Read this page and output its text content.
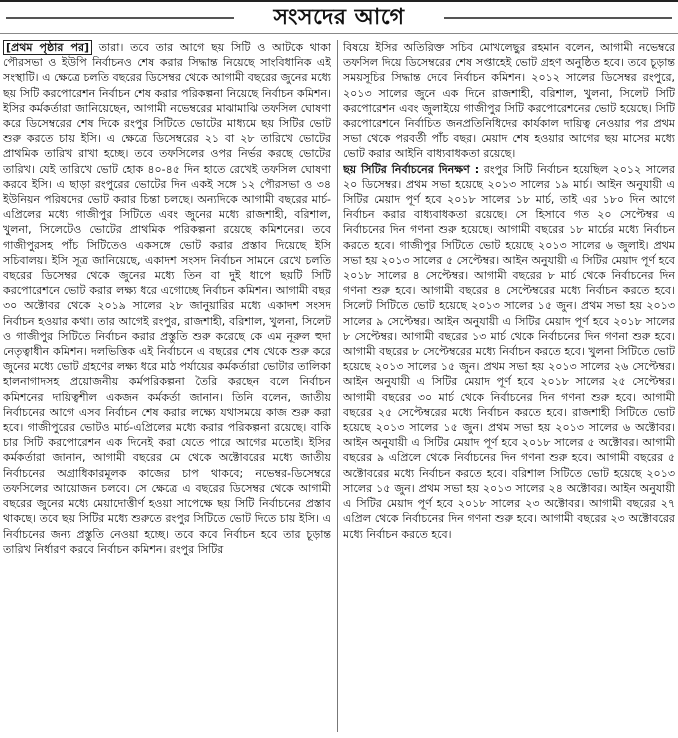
সংসদের আগে

[প্রথম পৃষ্ঠার পর] তারা। তবে তার আগে ছয় সিটি ও আটকে থাকা পৌরসভা ও ইউপি নির্বাচনও শেষ করার সিদ্ধান্ত নিয়েছে সাংবিধানিক এই সংস্থাটি। এ ক্ষেত্রে চলতি বছরের ডিসেম্বর থেকে আগামী বছরের জুনের মধ্যে ছয় সিটি করপোরেশন নির্বাচন শেষ করার পরিকল্পনা নিয়েছে নির্বাচন কমিশন। ইসির কর্মকর্তারা জানিয়েছেন, আগামী নভেম্বরের মাঝামাঝি তফসিল ঘোষণা করে ডিসেম্বরের শেষ দিকে রংপুর সিটিতে ভোটের মাধ্যমে ছয় সিটির ভোট শুরু করতে চায় ইসি। এ ক্ষেত্রে ডিসেম্বরের ২১ বা ২৮ তারিখে ভোটের প্রাথমিক তারিখ রাখা হচ্ছে। তবে তফসিলের ওপর নির্ভর করছে ভোটের তারিখ। যেই তারিখে ভোট হোক ৪০-৪৫ দিন হাতে রেখেই তফসিল ঘোষণা করবে ইসি। এ ছাড়া রংপুরের ভোটের দিন একই সঙ্গে ১২ পৌরসভা ও ৩৪ ইউনিয়ন পরিষদের ভোট করার চিন্তা চলছে। অন্যদিকে আগামী বছরের মার্চ-এপ্রিলের মধ্যে গাজীপুর সিটিতে এবং জুনের মধ্যে রাজশাহী, বরিশাল, খুলনা, সিলেটেও ভোটের প্রাথমিক পরিকল্পনা রয়েছে কমিশনের। তবে গাজীপুরসহ পাঁচ সিটিতেও একসঙ্গে ভোট করার প্রস্তাব দিয়েছে ইসি সচিবালয়। ইসি সূত্র জানিয়েছে, একাদশ সংসদ নির্বাচন সামনে রেখে চলতি বছরের ডিসেম্বর থেকে জুনের মধ্যে তিন বা দুই ধাপে ছয়টি সিটি করপোরেশনে ভোট করার লক্ষ্য ধরে এগোচ্ছে নির্বাচন কমিশন। আগামী বছর ৩০ অক্টোবর থেকে ২০১৯ সালের ২৮ জানুয়ারির মধ্যে একাদশ সংসদ নির্বাচন হওয়ার কথা। তার আগেই রংপুর, রাজশাহী, বরিশাল, খুলনা, সিলেট ও গাজীপুর সিটিতে নির্বাচন করার প্রস্তুতি শুরু করেছে কে এম নূরুল হুদা নেতৃত্বাধীন কমিশন। দলভিত্তিক এই নির্বাচনে এ বছরের শেষ থেকে শুরু করে জুনের মধ্যে ভোট গ্রহণের লক্ষ্য ধরে মাঠ পর্যায়ের কর্মকর্তারা ভোটার তালিকা হালনাগাদসহ প্রয়োজনীয় কর্মপরিকল্পনা তৈরি করছেন বলে নির্বাচন কমিশনের দায়িত্বশীল একজন কর্মকর্তা জানান। তিনি বলেন, জাতীয় নির্বাচনের আগে এসব নির্বাচন শেষ করার লক্ষ্যে যথাসময়ে কাজ শুরু করা হবে। গাজীপুরের ভোটও মার্চ-এপ্রিলের মধ্যে করার পরিকল্পনা রয়েছে। বাকি চার সিটি করপোরেশন এক দিনেই করা যেতে পারে আগের মতোই। ইসির কর্মকর্তারা জানান, আগামী বছরের মে থেকে অক্টোবরের মধ্যে জাতীয় নির্বাচনের অগ্রাধিকারমূলক কাজের চাপ থাকবে; নভেম্বর-ডিসেম্বরে তফসিলের আয়োজন চলবে। সে ক্ষেত্রে এ বছরের ডিসেম্বর থেকে আগামী বছরের জুনের মধ্যে মেয়াদোত্তীর্ণ হওয়া সাপেক্ষে ছয় সিটি নির্বাচনের প্রস্তাব থাকছে। তবে ছয় সিটির মধ্যে শুরুতে রংপুর সিটিতে ভোট দিতে চায় ইসি। এ নির্বাচনের জন্য প্রস্তুতি নেওয়া হচ্ছে। তবে কবে নির্বাচন হবে তার চূড়ান্ত তারিখ নির্ধারণ করবে নির্বাচন কমিশন। রংপুর সিটির

বিষয়ে ইসির অতিরিক্ত সচিব মোখলেছুর রহমান বলেন, আগামী নভেম্বরে তফসিল দিয়ে ডিসেম্বরের শেষ সপ্তাহেই ভোট গ্রহণ অনুষ্ঠিত হবে। তবে চূড়ান্ত সময়সূচির সিদ্ধান্ত দেবে নির্বাচন কমিশন। ২০১২ সালের ডিসেম্বর রংপুরে, ২০১৩ সালের জুনে এক দিনে রাজশাহী, বরিশাল, খুলনা, সিলেট সিটি করপোরেশন এবং জুলাইয়ে গাজীপুর সিটি করপোরেশনের ভোট হয়েছে। সিটি করপোরেশনে নির্বাচিত জনপ্রতিনিধিদের কার্যকাল দায়িত্ব নেওয়ার পর প্রথম সভা থেকে পরবর্তী পাঁচ বছর। মেয়াদ শেষ হওয়ার আগের ছয় মাসের মধ্যে ভোট করার আইনি বাধ্যবাধকতা রয়েছে।

ছয় সিটির নির্বাচনের দিনক্ষণ : রংপুর সিটি নির্বাচন হয়েছিল ২০১২ সালের ২০ ডিসেম্বর। প্রথম সভা হয়েছে ২০১৩ সালের ১৯ মার্চ। আইন অনুযায়ী এ সিটির মেয়াদ পূর্ণ হবে ২০১৮ সালের ১৮ মার্চ, তাই এর ১৮০ দিন আগে নির্বাচন করার বাধ্যবাধকতা রয়েছে। সে হিসাবে গত ২০ সেপ্টেম্বর এ নির্বাচনের দিন গণনা শুরু হয়েছে। আগামী বছরের ১৮ মার্চের মধ্যে নির্বাচন করতে হবে। গাজীপুর সিটিতে ভোট হয়েছে ২০১৩ সালের ৬ জুলাই। প্রথম সভা হয় ২০১৩ সালের ৫ সেপ্টেম্বর। আইন অনুযায়ী এ সিটির মেয়াদ পূর্ণ হবে ২০১৮ সালের ৪ সেপ্টেম্বর। আগামী বছরের ৮ মার্চ থেকে নির্বাচনের দিন গণনা শুরু হবে। আগামী বছরের ৪ সেপ্টেম্বরের মধ্যে নির্বাচন করতে হবে। সিলেট সিটিতে ভোট হয়েছে ২০১৩ সালের ১৫ জুন। প্রথম সভা হয় ২০১৩ সালের ৯ সেপ্টেম্বর। আইন অনুযায়ী এ সিটির মেয়াদ পূর্ণ হবে ২০১৮ সালের ৮ সেপ্টেম্বর। আগামী বছরের ১৩ মার্চ থেকে নির্বাচনের দিন গণনা শুরু হবে। আগামী বছরের ৮ সেপ্টেম্বরের মধ্যে নির্বাচন করতে হবে। খুলনা সিটিতে ভোট হয়েছে ২০১৩ সালের ১৫ জুন। প্রথম সভা হয় ২০১৩ সালের ২৬ সেপ্টেম্বর। আইন অনুযায়ী এ সিটির মেয়াদ পূর্ণ হবে ২০১৮ সালের ২৫ সেপ্টেম্বর। আগামী বছরের ৩০ মার্চ থেকে নির্বাচনের দিন গণনা শুরু হবে। আগামী বছরের ২৫ সেপ্টেম্বরের মধ্যে নির্বাচন করতে হবে। রাজশাহী সিটিতে ভোট হয়েছে ২০১৩ সালের ১৫ জুন। প্রথম সভা হয় ২০১৩ সালের ৬ অক্টোবর। আইন অনুযায়ী এ সিটির মেয়াদ পূর্ণ হবে ২০১৮ সালের ৫ অক্টোবর। আগামী বছরের ৯ এপ্রিলে থেকে নির্বাচনের দিন গণনা শুরু হবে। আগামী বছরের ৫ অক্টোবরের মধ্যে নির্বাচন করতে হবে। বরিশাল সিটিতে ভোট হয়েছে ২০১৩ সালের ১৫ জুন। প্রথম সভা হয় ২০১৩ সালের ২৪ অক্টোবর। আইন অনুযায়ী এ সিটির মেয়াদ পূর্ণ হবে ২০১৮ সালের ২৩ অক্টোবর। আগামী বছরের ২৭ এপ্রিল থেকে নির্বাচনের দিন গণনা শুরু হবে। আগামী বছরের ২৩ অক্টোবরের মধ্যে নির্বাচন করতে হবে।
